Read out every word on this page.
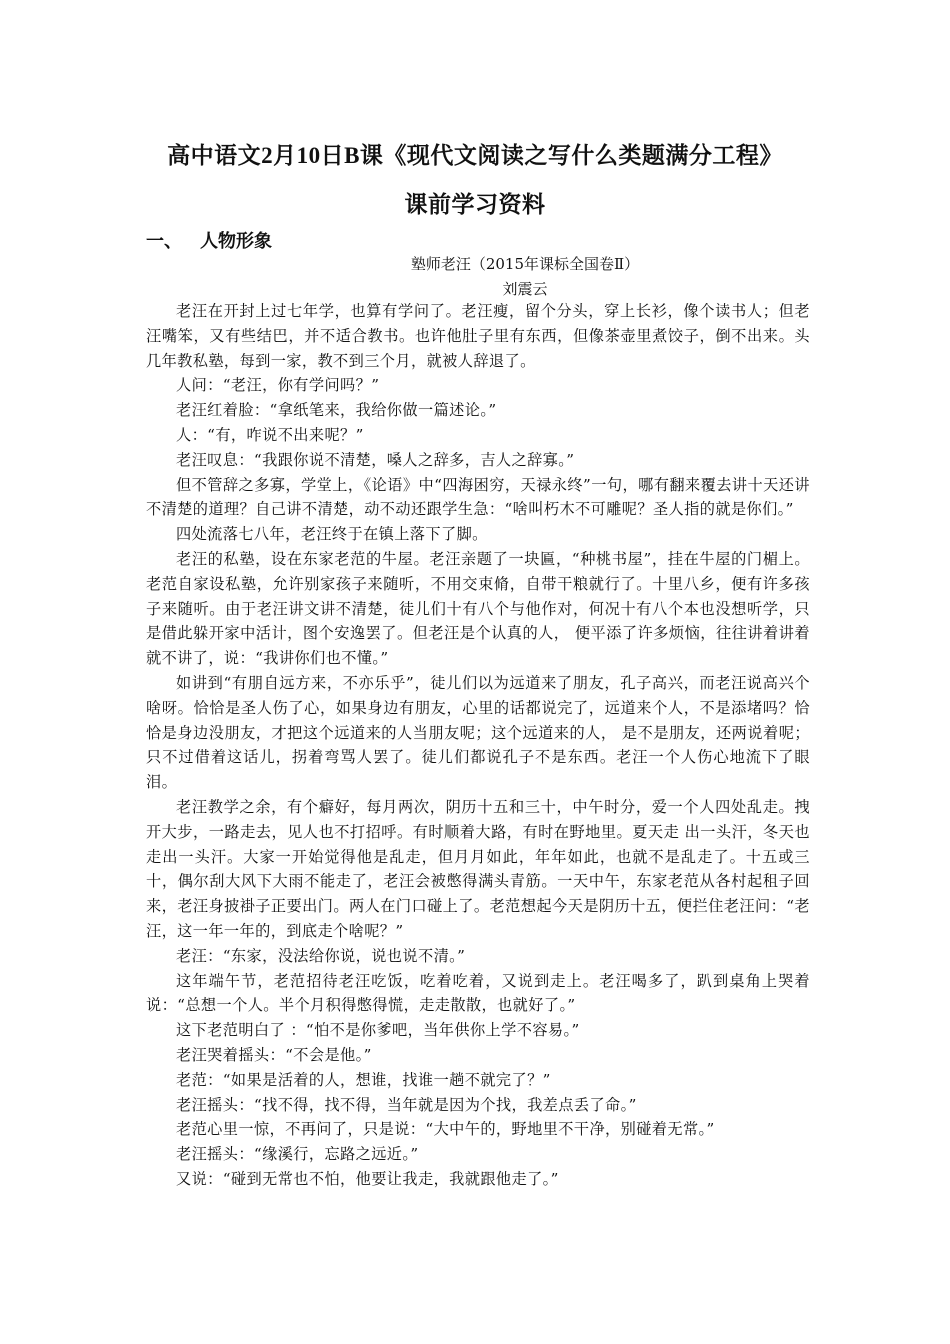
高中语文2月10日B课《现代文阅读之写什么类题满分工程》
课前学习资料
一、 人物形象
塾师老汪（2015年课标全国卷Ⅱ）
刘震云

老汪在开封上过七年学，也算有学问了。老汪瘦，留个分头，穿上长衫，像个读书人；但老汪嘴笨，又有些结巴，并不适合教书。也许他肚子里有东西，但像茶壶里煮饺子，倒不出来。头几年教私塾，每到一家，教不到三个月，就被人辞退了。

人问：“老汪，你有学问吗？”

老汪红着脸：“拿纸笔来，我给你做一篇述论。”

人：“有，咋说不出来呢？”

老汪叹息：“我跟你说不清楚，嗓人之辞多，吉人之辞寡。”

但不管辞之多寡，学堂上，《论语》中“四海困穷，天禄永终”一句，哪有翻来覆去讲十天还讲不清楚的道理？自己讲不清楚，动不动还跟学生急：“啥叫朽木不可雕呢？圣人指的就是你们。”

四处流落七八年，老汪终于在镇上落下了脚。

老汪的私塾，设在东家老范的牛屋。老汪亲题了一块匾，“种桃书屋”，挂在牛屋的门楣上。老范自家设私塾，允许别家孩子来随听，不用交束脩，自带干粮就行了。十里八乡，便有许多孩子来随听。由于老汪讲文讲不清楚，徒儿们十有八个与他作对，何况十有八个本也没想听学，只是借此躲开家中活计，图个安逸罢了。但老汪是个认真的人， 便平添了许多烦恼，往往讲着讲着就不讲了，说：“我讲你们也不懂。”

如讲到“有朋自远方来，不亦乐乎”，徒儿们以为远道来了朋友，孔子高兴，而老汪说高兴个啥呀。恰恰是圣人伤了心，如果身边有朋友，心里的话都说完了，远道来个人，不是添堵吗？恰恰是身边没朋友，才把这个远道来的人当朋友呢；这个远道来的人， 是不是朋友，还两说着呢；只不过借着这话儿，拐着弯骂人罢了。徒儿们都说孔子不是东西。老汪一个人伤心地流下了眼泪。

老汪教学之余，有个癖好，每月两次，阴历十五和三十，中午时分，爱一个人四处乱走。拽开大步，一路走去，见人也不打招呼。有时顺着大路，有时在野地里。夏天走 出一头汗，冬天也走出一头汗。大家一开始觉得他是乱走，但月月如此，年年如此，也就不是乱走了。十五或三十，偶尔刮大风下大雨不能走了，老汪会被憋得满头青筋。一天中午，东家老范从各村起租子回来，老汪身披褂子正要出门。两人在门口碰上了。老范想起今天是阴历十五，便拦住老汪问：“老汪，这一年一年的，到底走个啥呢？”

老汪：“东家，没法给你说，说也说不清。”

这年端午节，老范招待老汪吃饭，吃着吃着，又说到走上。老汪喝多了，趴到桌角上哭着说：“总想一个人。半个月积得憋得慌，走走散散，也就好了。”

这下老范明白了 ：“怕不是你爹吧，当年供你上学不容易。”

老汪哭着摇头：“不会是他。”

老范：“如果是活着的人，想谁，找谁一趟不就完了？”

老汪摇头：“找不得，找不得，当年就是因为个找，我差点丢了命。”

老范心里一惊，不再问了，只是说：“大中午的，野地里不干净，别碰着无常。”

老汪摇头：“缘溪行，忘路之远近。”

又说：“碰到无常也不怕，他要让我走，我就跟他走了。”
